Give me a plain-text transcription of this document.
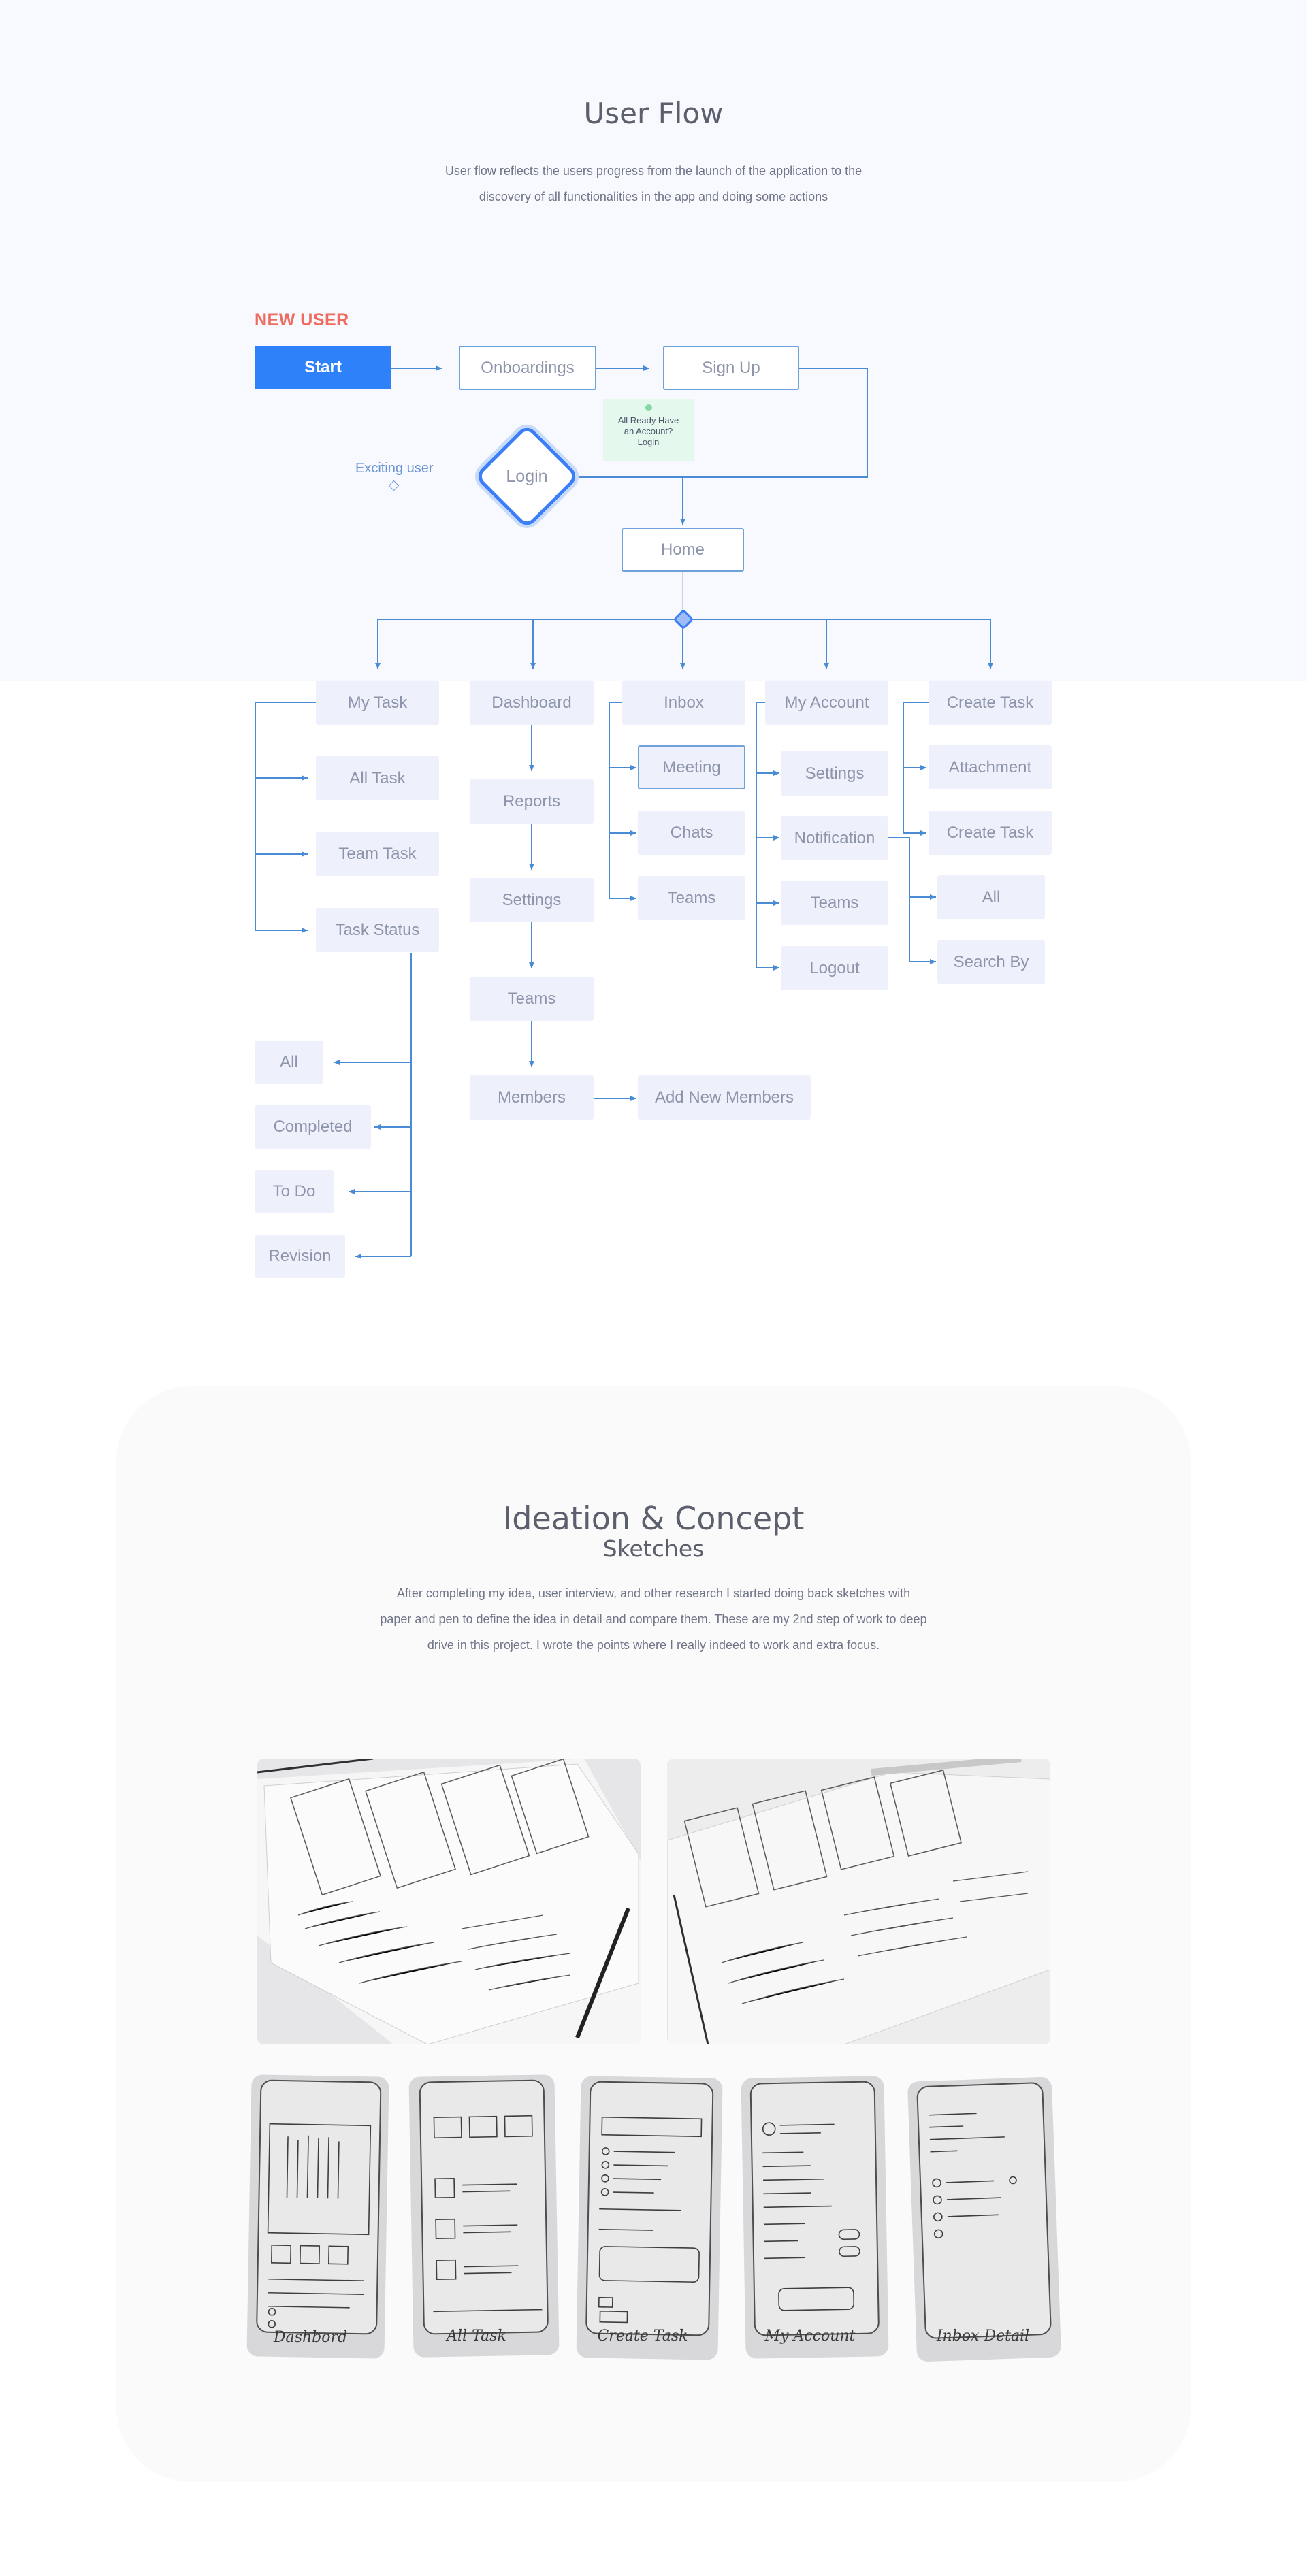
User Flow
User flow reflects the users progress from the launch of the application to the
discovery of all functionalities in the app and doing some actions
NEW USER
Start	Onboardings	Sign Up
All Ready Have
an Account?
Login
Exciting user	Login
Home
My Task
All Task
Team Task
Task Status
All
Completed
To Do
Revision
Dashboard
Reports
Settings
Teams
Members	Add New Members
Inbox
Meeting
Chats
Teams
My Account
Settings
Notification
Teams
Logout
Create Task
Attachment
Create Task
All
Search By
Ideation & Concept
Sketches
After completing my idea, user interview, and other research I started doing back sketches with
paper and pen to define the idea in detail and compare them. These are my 2nd step of work to deep
drive in this project. I wrote the points where I really indeed to work and extra focus.
Dashbord	All Task	Create Task	My Account	Inbox Detail
